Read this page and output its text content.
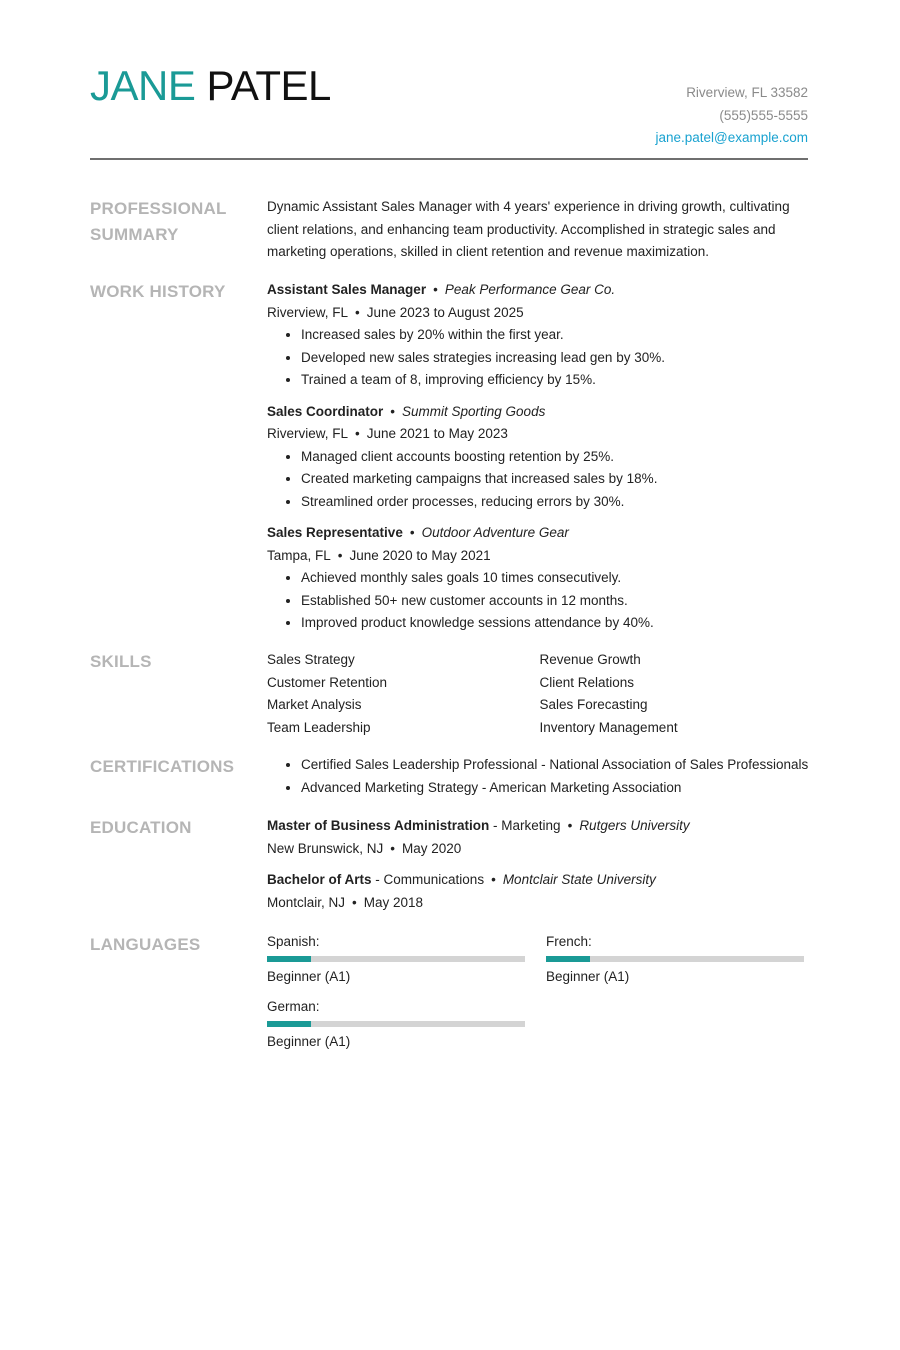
JANE PATEL	Riverview, FL 33582
(555)555-5555
jane.patel@example.com
PROFESSIONAL
SUMMARY
Dynamic Assistant Sales Manager with 4 years' experience in driving growth, cultivating client relations, and enhancing team productivity. Accomplished in strategic sales and marketing operations, skilled in client retention and revenue maximization.
WORK HISTORY	Assistant Sales Manager • Peak Performance Gear Co.
Riverview, FL • June 2023 to August 2025
• Increased sales by 20% within the first year.
• Developed new sales strategies increasing lead gen by 30%.
• Trained a team of 8, improving efficiency by 15%.
Sales Coordinator • Summit Sporting Goods
Riverview, FL • June 2021 to May 2023
• Managed client accounts boosting retention by 25%.
• Created marketing campaigns that increased sales by 18%.
• Streamlined order processes, reducing errors by 30%.
Sales Representative • Outdoor Adventure Gear
Tampa, FL • June 2020 to May 2021
• Achieved monthly sales goals 10 times consecutively.
• Established 50+ new customer accounts in 12 months.
• Improved product knowledge sessions attendance by 40%.
SKILLS	Sales Strategy
Customer Retention
Market Analysis
Team Leadership
Revenue Growth
Client Relations
Sales Forecasting
Inventory Management
CERTIFICATIONS
•	Certified Sales Leadership Professional - National Association of Sales Professionals
• Advanced Marketing Strategy - American Marketing Association
EDUCATION	Master of Business Administration - Marketing • Rutgers University
New Brunswick, NJ • May 2020
Bachelor of Arts - Communications • Montclair State University
Montclair, NJ • May 2018
LANGUAGES	Spanish:
Beginner (A1)
French:
Beginner (A1)
German:
Beginner (A1)
